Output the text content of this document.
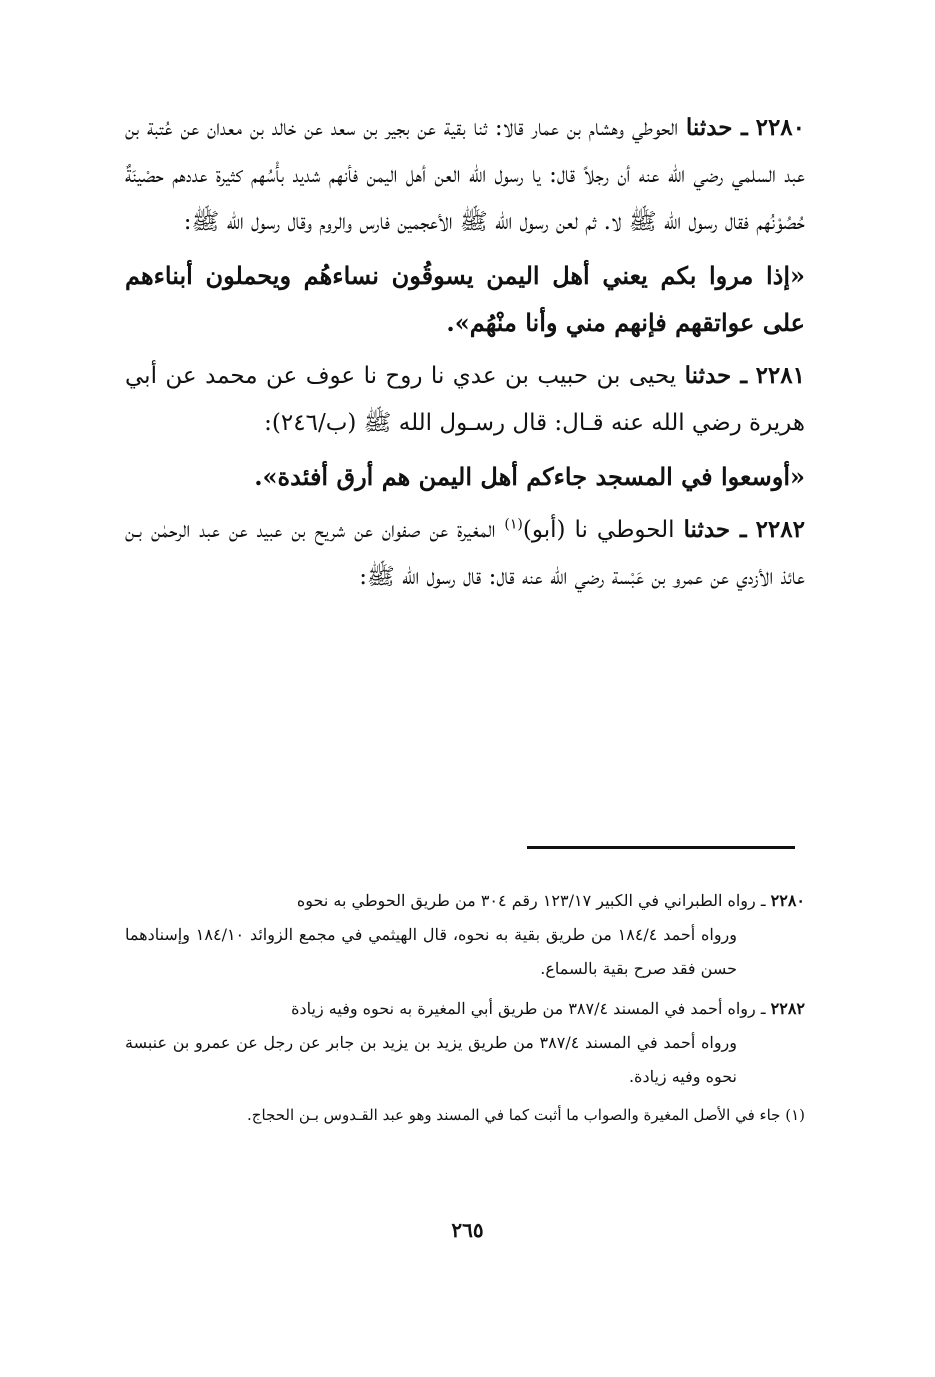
٢٢٨٠ ـ حدثنا الحوطي وهشام بن عمار قالا: ثنا بقية عن بجير بن سعد عن خالد بن معدان عن عُتبة بن عبد السلمي رضي الله عنه أن رجلاً قال: يا رسول الله العن أهل اليمن فأنهم شديد بأْسُهم كثيرة عددهم حصْينَةٌ حُصُوْنُهم فقال رسول الله ﷺ لا. ثم لعن رسول الله ﷺ الأعجمين فارس والروم وقال رسول الله ﷺ:

«إذا مروا بكم يعني أهل اليمن يسوقُون نساءهُم ويحملون أبناءهم على عواتقهم فإنهم مني وأنا منْهُم».

٢٢٨١ ـ حدثنا يحيى بن حبيب بن عدي نا روح نا عوف عن محمد عن أبي هريرة رضي الله عنه قـال: قال رسـول الله ﷺ (ب/٢٤٦):

«أوسعوا في المسجد جاءكم أهل اليمن هم أرق أفئدة».

٢٢٨٢ ـ حدثنا الحوطي نا (أبو)$^{(١)}$ المغيرة عن صفوان عن شريح بن عبيد عن عبد الرحمٰن بـن عائذ الأزدي عن عمرو بن عَبْسة رضي الله عنه قال: قال رسول الله ﷺ:

٢٢٨٠ ـ رواه الطبراني في الكبير ١٢٣/١٧ رقم ٣٠٤ من طريق الحوطي به نحوه
ورواه أحمد ١٨٤/٤ من طريق بقية به نحوه، قال الهيثمي في مجمع الزوائد ١٨٤/١٠ وإسنادهما حسن فقد صرح بقية بالسماع.
٢٢٨٢ ـ رواه أحمد في المسند ٣٨٧/٤ من طريق أبي المغيرة به نحوه وفيه زيادة
ورواه أحمد في المسند ٣٨٧/٤ من طريق يزيد بن يزيد بن جابر عن رجل عن عمرو بن عنبسة نحوه وفيه زيادة.
(١) جاء في الأصل المغيرة والصواب ما أثبت كما في المسند وهو عبد القـدوس بـن الحجاج.
٢٦٥
